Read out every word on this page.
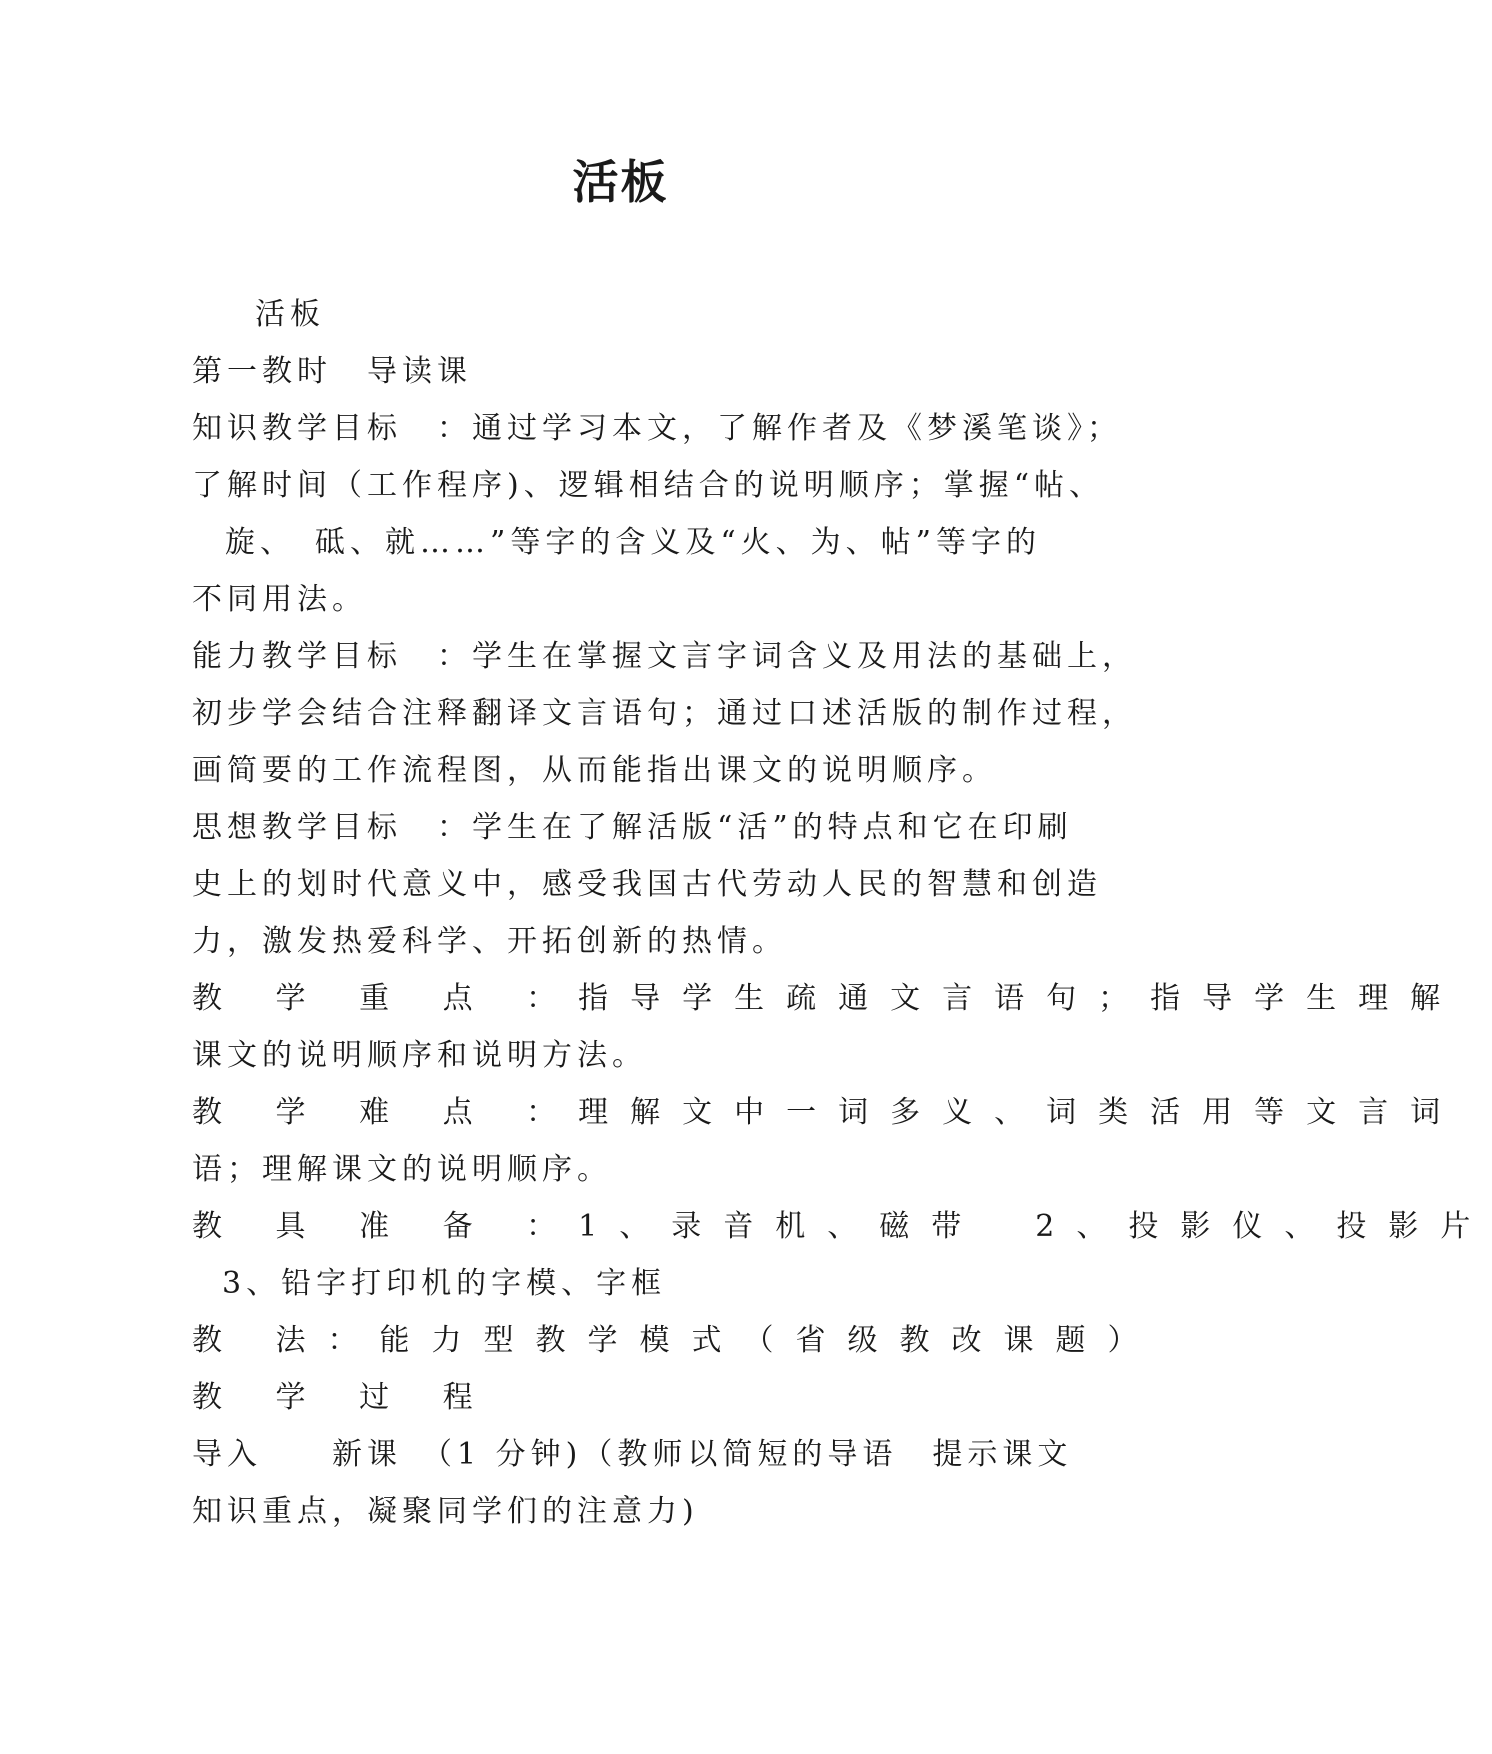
活板
活板
第一教时　导读课
知识教学目标　：通过学习本文，了解作者及《梦溪笔谈》；
了解时间（工作程序)、逻辑相结合的说明顺序；掌握“帖、
旋、　砥、就……”等字的含义及“火、为、帖”等字的
不同用法。
能力教学目标　：学生在掌握文言字词含义及用法的基础上，
初步学会结合注释翻译文言语句；通过口述活版的制作过程，
画简要的工作流程图，从而能指出课文的说明顺序。
思想教学目标　：学生在了解活版“活”的特点和它在印刷
史上的划时代意义中，感受我国古代劳动人民的智慧和创造
力，激发热爱科学、开拓创新的热情。
教 学 重 点 ：指导学生疏通文言语句；指导学生理解
课文的说明顺序和说明方法。
教 学 难 点 ：理解文中一词多义、词类活用等文言词
语；理解课文的说明顺序。
教 具 准 备 ：1、录音机、磁带　2、投影仪、投影片
3、铅字打印机的字模、字框
教 法：能力型教学模式（省级教改课题）
教 学 过 程
导入　　新课　（1 分钟)（教师以简短的导语　提示课文
知识重点，凝聚同学们的注意力)
